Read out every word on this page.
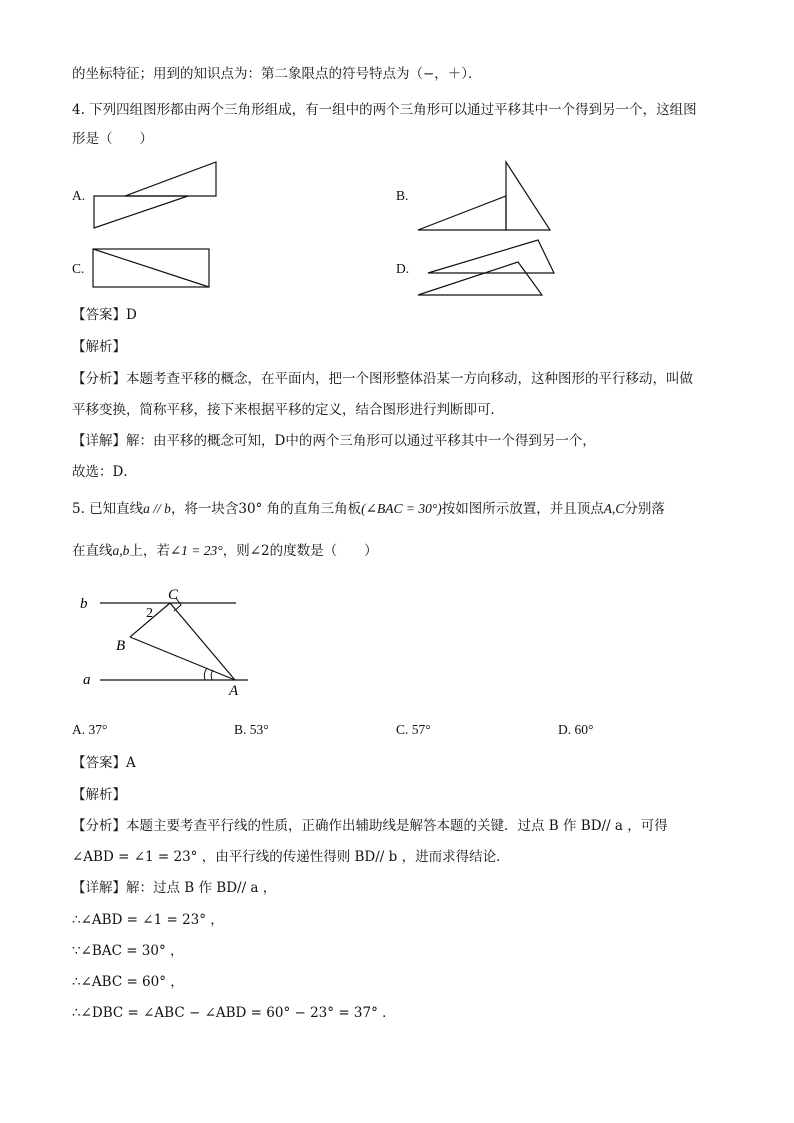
的坐标特征；用到的知识点为：第二象限点的符号特点为（−，＋）．
4. 下列四组图形都由两个三角形组成，有一组中的两个三角形可以通过平移其中一个得到另一个，这组图
形是（　　）
A.	B.
C.	D.
【答案】D
【解析】
【分析】本题考查平移的概念，在平面内，把一个图形整体沿某一方向移动，这种图形的平行移动，叫做
平移变换，简称平移，接下来根据平移的定义，结合图形进行判断即可．
【详解】解：由平移的概念可知，D中的两个三角形可以通过平移其中一个得到另一个，
故选：D．
5. 已知直线a // b，将一块含30° 角的直角三角板(∠BAC = 30°)按如图所示放置，并且顶点A,C分别落
在直线a,b上，若∠1 = 23°，则∠2的度数是（　　）
b
a
C
B
A
2
A. 37°	B. 53°	C. 57°	D. 60°
【答案】A
【解析】
【分析】本题主要考查平行线的性质，正确作出辅助线是解答本题的关键．过点 B 作 BD// a ，可得
∠ABD = ∠1 = 23° ，由平行线的传递性得则 BD// b ，进而求得结论．
【详解】解：过点 B 作 BD// a ，
∴∠ABD = ∠1 = 23° ，
∵∠BAC = 30° ，
∴∠ABC = 60° ，
∴∠DBC = ∠ABC − ∠ABD = 60° − 23° = 37° ．
